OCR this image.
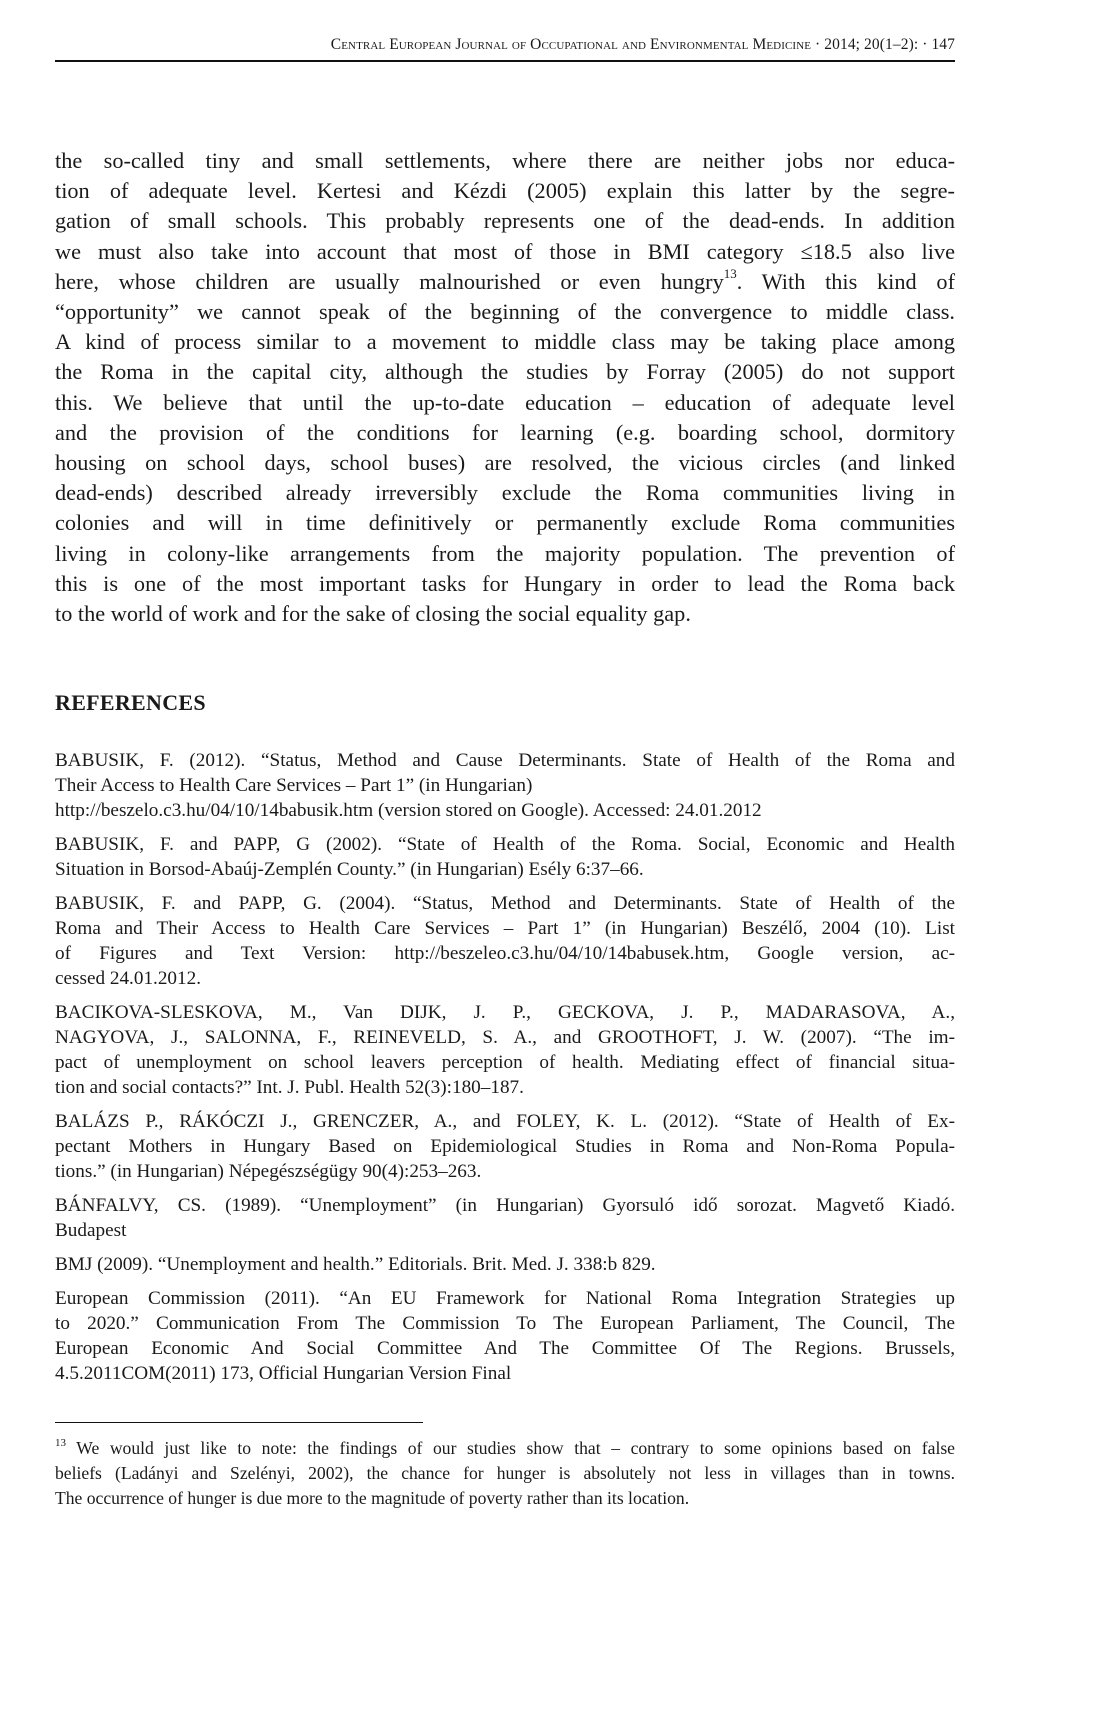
Central European Journal of Occupational and Environmental Medicine · 2014; 20(1–2): · 147
the so-called tiny and small settlements, where there are neither jobs nor educa-
tion of adequate level. Kertesi and Kézdi (2005) explain this latter by the segre-
gation of small schools. This probably represents one of the dead-ends. In addition
we must also take into account that most of those in BMI category ≤18.5 also live
here, whose children are usually malnourished or even hungry$^{13}$. With this kind of
“opportunity” we cannot speak of the beginning of the convergence to middle class.
A kind of process similar to a movement to middle class may be taking place among
the Roma in the capital city, although the studies by Forray (2005) do not support
this. We believe that until the up-to-date education – education of adequate level
and the provision of the conditions for learning (e.g. boarding school, dormitory
housing on school days, school buses) are resolved, the vicious circles (and linked
dead-ends) described already irreversibly exclude the Roma communities living in
colonies and will in time definitively or permanently exclude Roma communities
living in colony-like arrangements from the majority population. The prevention of
this is one of the most important tasks for Hungary in order to lead the Roma back
to the world of work and for the sake of closing the social equality gap.
REFERENCES
BABUSIK, F. (2012). “Status, Method and Cause Determinants. State of Health of the Roma and
Their Access to Health Care Services – Part 1” (in Hungarian)
http://beszelo.c3.hu/04/10/14babusik.htm (version stored on Google). Accessed: 24.01.2012
BABUSIK, F. and PAPP, G (2002). “State of Health of the Roma. Social, Economic and Health
Situation in Borsod-Abaúj-Zemplén County.” (in Hungarian) Esély 6:37–66.
BABUSIK, F. and PAPP, G. (2004). “Status, Method and Determinants. State of Health of the
Roma and Their Access to Health Care Services – Part 1” (in Hungarian) Beszélő, 2004 (10). List
of Figures and Text Version: http://beszeleo.c3.hu/04/10/14babusek.htm, Google version, ac-
cessed 24.01.2012.
BACIKOVA-SLESKOVA, M., Van DIJK, J. P., GECKOVA, J. P., MADARASOVA, A.,
NAGYOVA, J., SALONNA, F., REINEVELD, S. A., and GROOTHOFT, J. W. (2007). “The im-
pact of unemployment on school leavers perception of health. Mediating effect of financial situa-
tion and social contacts?” Int. J. Publ. Health 52(3):180–187.
BALÁZS P., RÁKÓCZI J., GRENCZER, A., and FOLEY, K. L. (2012). “State of Health of Ex-
pectant Mothers in Hungary Based on Epidemiological Studies in Roma and Non-Roma Popula-
tions.” (in Hungarian) Népegészségügy 90(4):253–263.
BÁNFALVY, CS. (1989). “Unemployment” (in Hungarian) Gyorsuló idő sorozat. Magvető Kiadó.
Budapest
BMJ (2009). “Unemployment and health.” Editorials. Brit. Med. J. 338:b 829.
European Commission (2011). “An EU Framework for National Roma Integration Strategies up
to 2020.” Communication From The Commission To The European Parliament, The Council, The
European Economic And Social Committee And The Committee Of The Regions. Brussels,
4.5.2011COM(2011) 173, Official Hungarian Version Final
$^{13}$ We would just like to note: the findings of our studies show that – contrary to some opinions based on false
beliefs (Ladányi and Szelényi, 2002), the chance for hunger is absolutely not less in villages than in towns.
The occurrence of hunger is due more to the magnitude of poverty rather than its location.
